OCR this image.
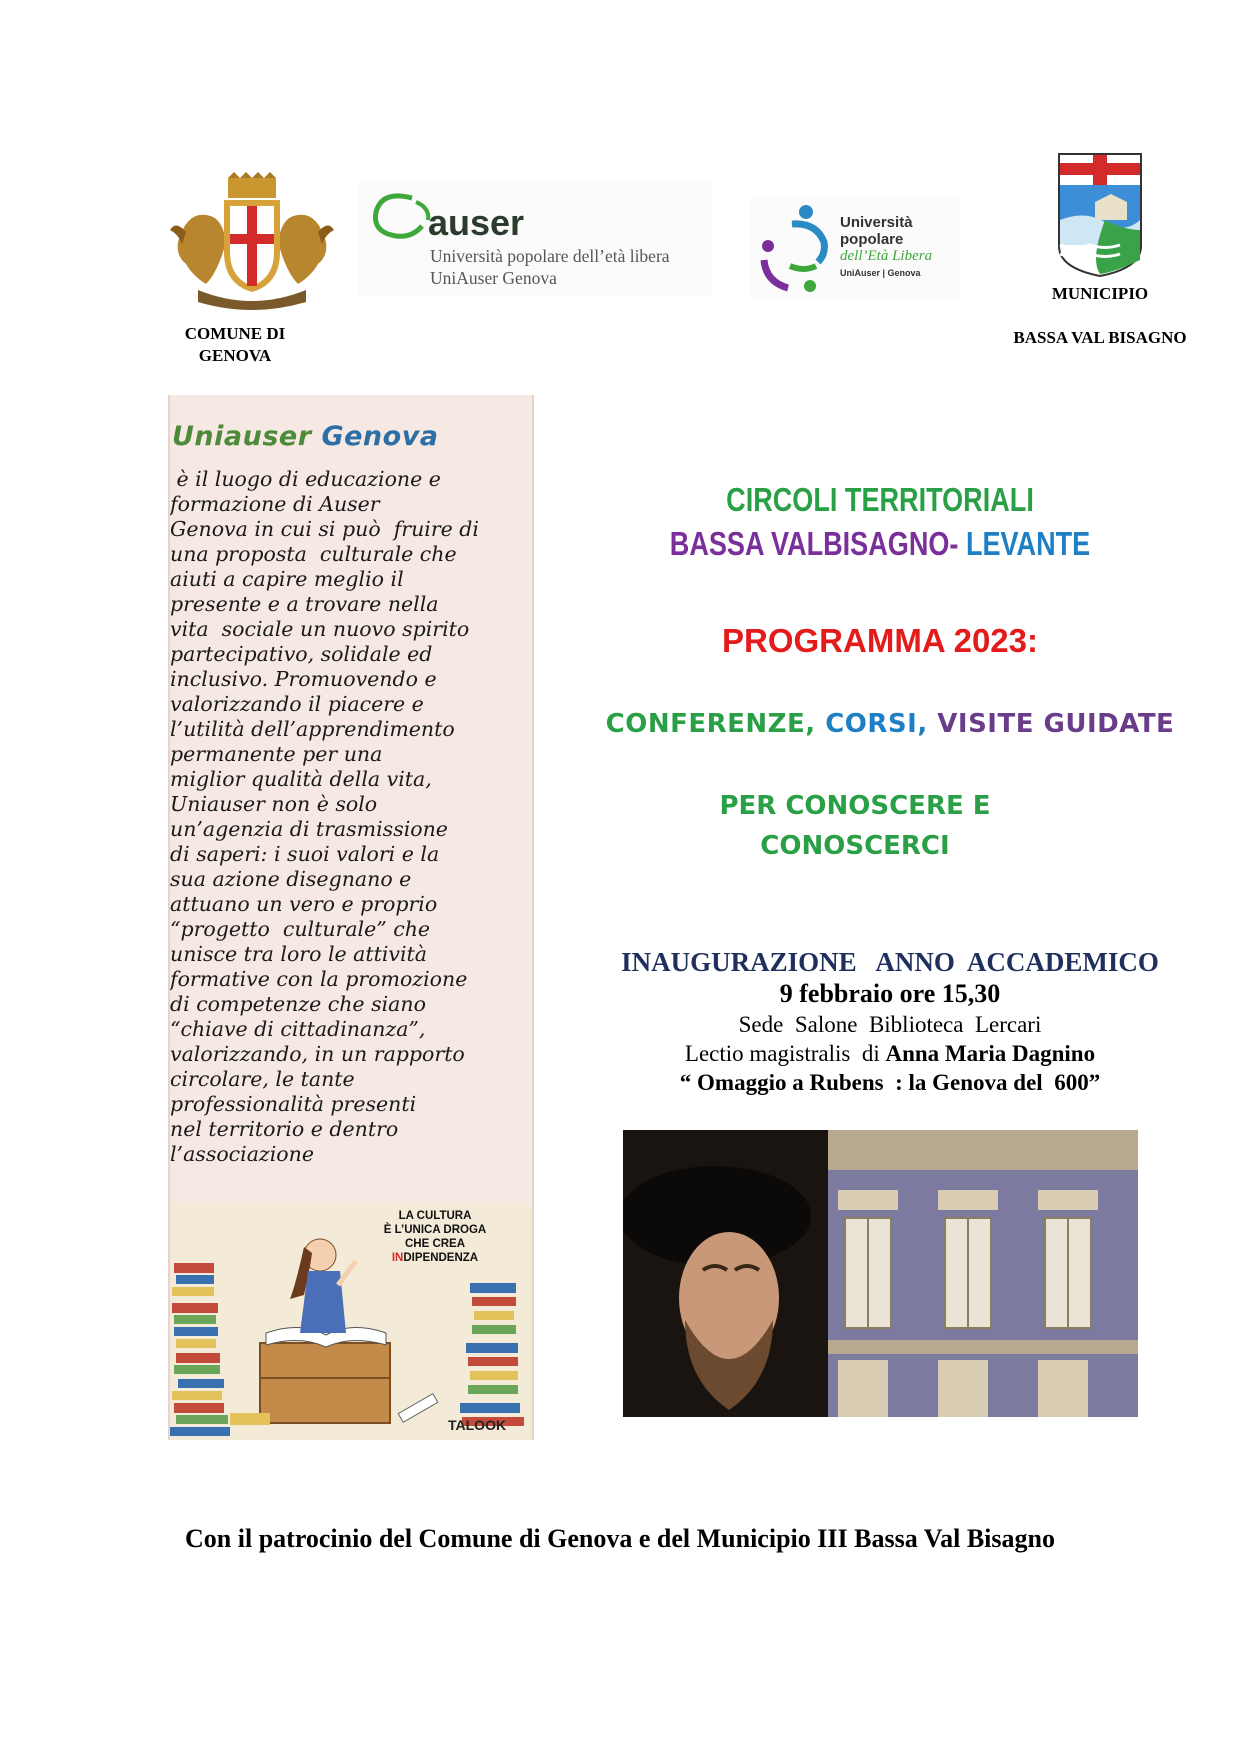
COMUNE DI
GENOVA
auser
Università popolare dell’età libera
UniAuser Genova
Università
popolare
dell’Età Libera
UniAuser | Genova
MUNICIPIO
BASSA VAL BISAGNO
Uniauser Genova
è il luogo di educazione e
formazione di Auser
Genova in cui si può  fruire di
una proposta  culturale che
aiuti a capire meglio il
presente e a trovare nella
vita  sociale un nuovo spirito
partecipativo, solidale ed
inclusivo. Promuovendo e
valorizzando il piacere e
l’utilità dell’apprendimento
permanente per una
miglior qualità della vita,
Uniauser non è solo
un’agenzia di trasmissione
di saperi: i suoi valori e la
sua azione disegnano e
attuano un vero e proprio
“progetto  culturale” che
unisce tra loro le attività
formative con la promozione
di competenze che siano
“chiave di cittadinanza”,
valorizzando, in un rapporto
circolare, le tante
professionalità presenti
nel territorio e dentro
l’associazione
LA CULTURA
È L’UNICA DROGA
CHE CREA
INDIPENDENZA
TALOOK
CIRCOLI TERRITORIALI
BASSA VALBISAGNO- LEVANTE
PROGRAMMA 2023:
CONFERENZE, CORSI, VISITE GUIDATE
PER CONOSCERE E
CONOSCERCI
INAUGURAZIONE   ANNO  ACCADEMICO
9 febbraio ore 15,30
Sede  Salone  Biblioteca  Lercari
Lectio magistralis  di Anna Maria Dagnino
“ Omaggio a Rubens  : la Genova del  600”
Con il patrocinio del Comune di Genova e del Municipio III Bassa Val Bisagno
